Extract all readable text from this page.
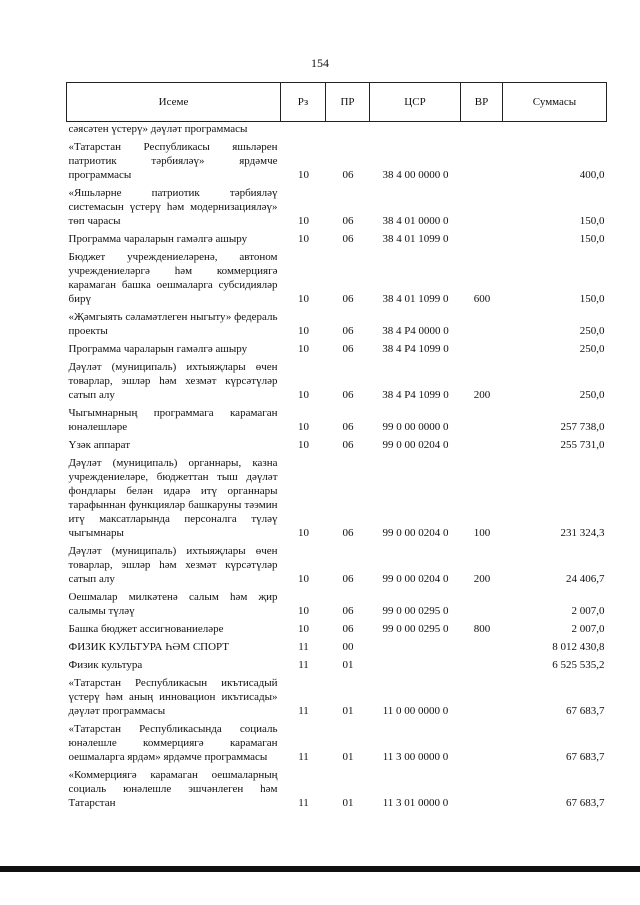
154
Исеме	Рз	ПР	ЦСР	ВР	Суммасы
сәясәтен үстерү» дәүләт программасы					
«Татарстан Республикасы яшьләрен патриотик тәрбияләү» ярдәмче программасы	10	06	38 4 00 0000 0		400,0
«Яшьләрне патриотик тәрбияләү системасын үстерү һәм модернизацияләү» төп чарасы	10	06	38 4 01 0000 0		150,0
Программа чараларын гамәлгә ашыру	10	06	38 4 01 1099 0		150,0
Бюджет учреждениеләренә, автоном учреждениеләргә һәм коммерциягә карамаган башка оешмаларга субсидияләр бирү	10	06	38 4 01 1099 0	600	150,0
«Җәмгыять сәламәтлеген ныгыту» федераль проекты	10	06	38 4 Р4 0000 0		250,0
Программа чараларын гамәлгә ашыру	10	06	38 4 Р4 1099 0		250,0
Дәүләт (муниципаль) ихтыяҗлары өчен товарлар, эшләр һәм хезмәт күрсәтүләр сатып алу	10	06	38 4 Р4 1099 0	200	250,0
Чыгымнарның программага карамаган юнәлешләре	10	06	99 0 00 0000 0		257 738,0
Үзәк аппарат	10	06	99 0 00 0204 0		255 731,0
Дәүләт (муниципаль) органнары, казна учреждениеләре, бюджеттан тыш дәүләт фондлары белән идарә итү органнары тарафыннан функцияләр башкаруны тәэмин итү максатларында персоналга түләү чыгымнары	10	06	99 0 00 0204 0	100	231 324,3
Дәүләт (муниципаль) ихтыяҗлары өчен товарлар, эшләр һәм хезмәт күрсәтүләр сатып алу	10	06	99 0 00 0204 0	200	24 406,7
Оешмалар милкәтенә салым һәм җир салымы түләү	10	06	99 0 00 0295 0		2 007,0
Башка бюджет ассигнованиеләре	10	06	99 0 00 0295 0	800	2 007,0
ФИЗИК КУЛЬТУРА ҺӘМ СПОРТ	11	00			8 012 430,8
Физик культура	11	01			6 525 535,2
«Татарстан Республикасын икътисадый үстерү һәм аның инновацион икътисады» дәүләт программасы	11	01	11 0 00 0000 0		67 683,7
«Татарстан Республикасында социаль юнәлешле коммерциягә карамаган оешмаларга ярдәм» ярдәмче программасы	11	01	11 3 00 0000 0		67 683,7
«Коммерциягә карамаган оешмаларның социаль юнәлешле эшчәнлеген һәм Татарстан	11	01	11 3 01 0000 0		67 683,7
